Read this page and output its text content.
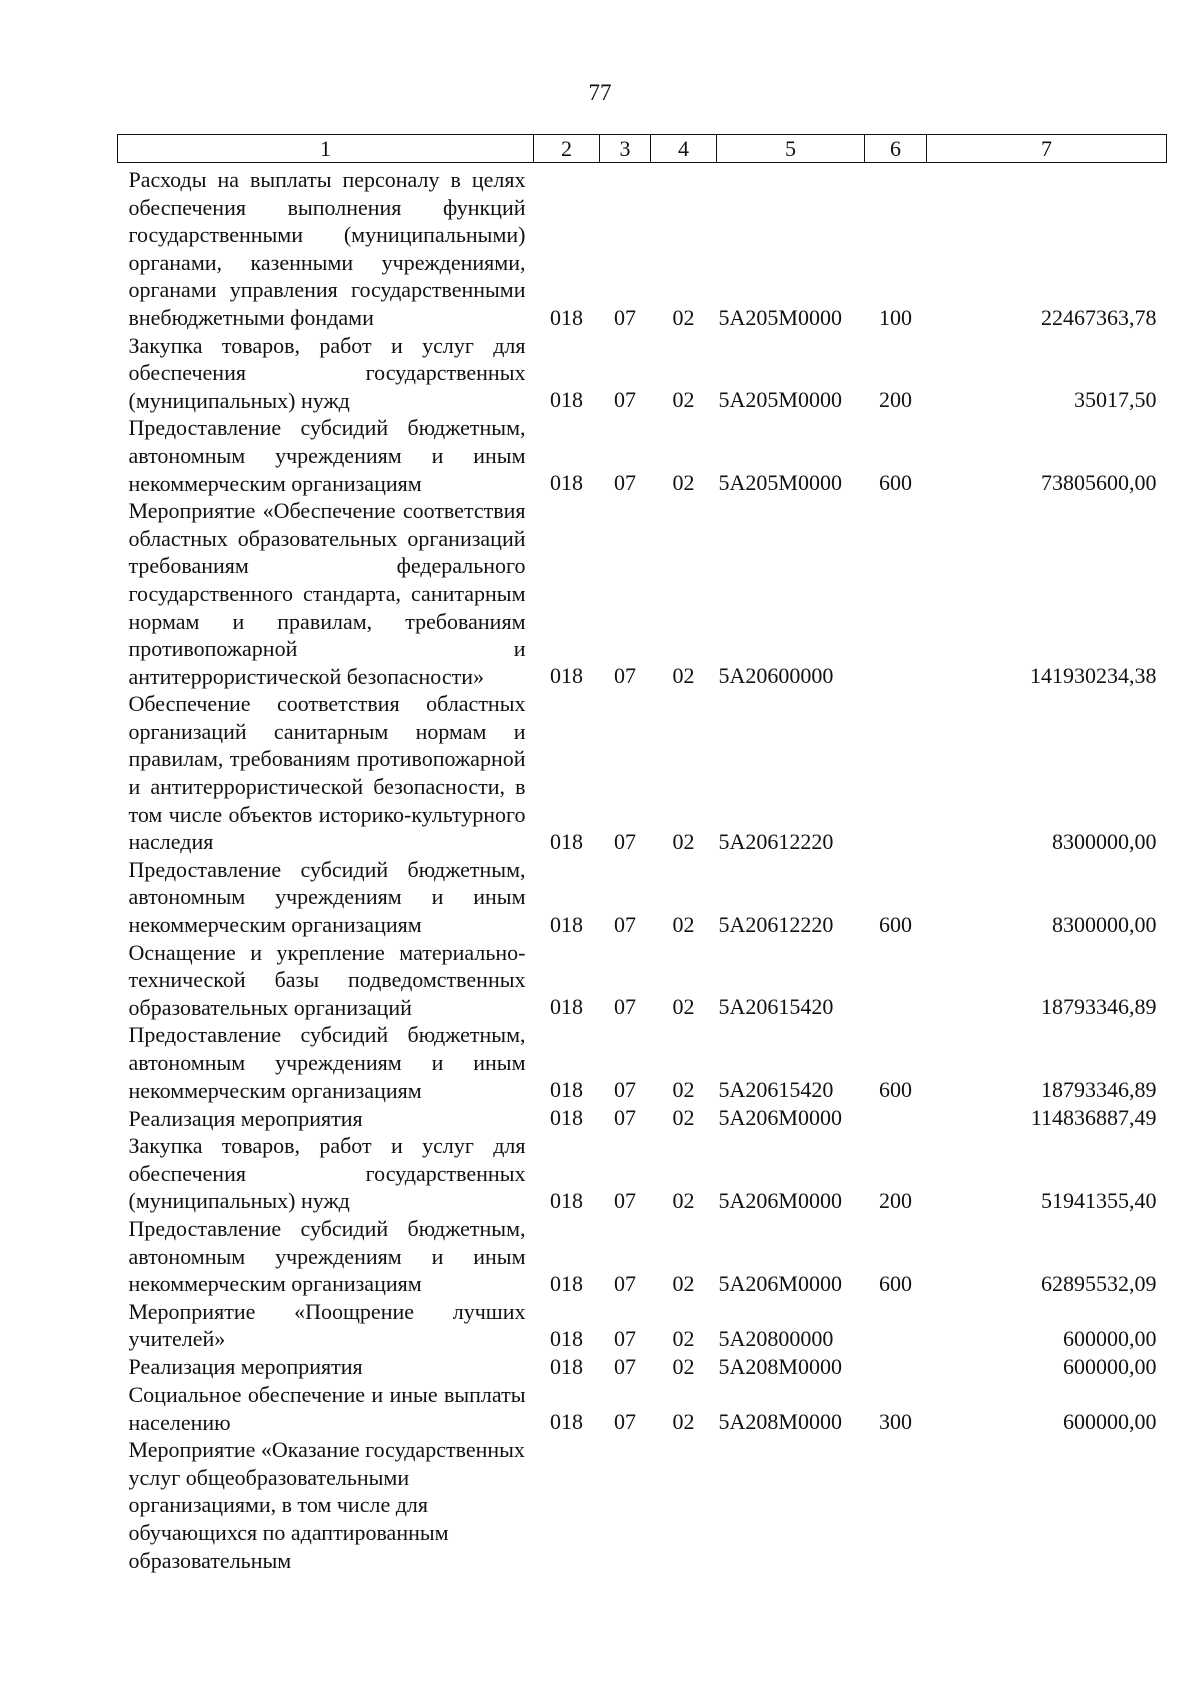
77
1	2	3	4	5	6	7
Расходы на выплаты персоналу в целях обеспечения выполнения функций государственными (муниципальными) органами, казенными учреждениями, органами управления государственными внебюджетными фондами	018	07	02	5А205М0000	100	22467363,78
Закупка товаров, работ и услуг для обеспечения государственных (муниципальных) нужд	018	07	02	5А205М0000	200	35017,50
Предоставление субсидий бюджетным, автономным учреждениям и иным некоммерческим организациям	018	07	02	5А205М0000	600	73805600,00
Мероприятие «Обеспечение соответствия областных образовательных организаций требованиям федерального государственного стандарта, санитарным нормам и правилам, требованиям противопожарной и антитеррористической безопасности»	018	07	02	5А20600000		141930234,38
Обеспечение соответствия областных организаций санитарным нормам и правилам, требованиям противопожарной и антитеррористической безопасности, в том числе объектов историко-культурного наследия	018	07	02	5А20612220		8300000,00
Предоставление субсидий бюджетным, автономным учреждениям и иным некоммерческим организациям	018	07	02	5А20612220	600	8300000,00
Оснащение и укрепление материально-технической базы подведомственных образовательных организаций	018	07	02	5А20615420		18793346,89
Предоставление субсидий бюджетным, автономным учреждениям и иным некоммерческим организациям	018	07	02	5А20615420	600	18793346,89
Реализация мероприятия	018	07	02	5А206М0000		114836887,49
Закупка товаров, работ и услуг для обеспечения государственных (муниципальных) нужд	018	07	02	5А206М0000	200	51941355,40
Предоставление субсидий бюджетным, автономным учреждениям и иным некоммерческим организациям	018	07	02	5А206М0000	600	62895532,09
Мероприятие «Поощрение лучших учителей»	018	07	02	5А20800000		600000,00
Реализация мероприятия	018	07	02	5А208М0000		600000,00
Социальное обеспечение и иные выплаты населению	018	07	02	5А208М0000	300	600000,00
Мероприятие «Оказание государственных услуг общеобразовательными организациями, в том числе для обучающихся по адаптированным образовательным						
